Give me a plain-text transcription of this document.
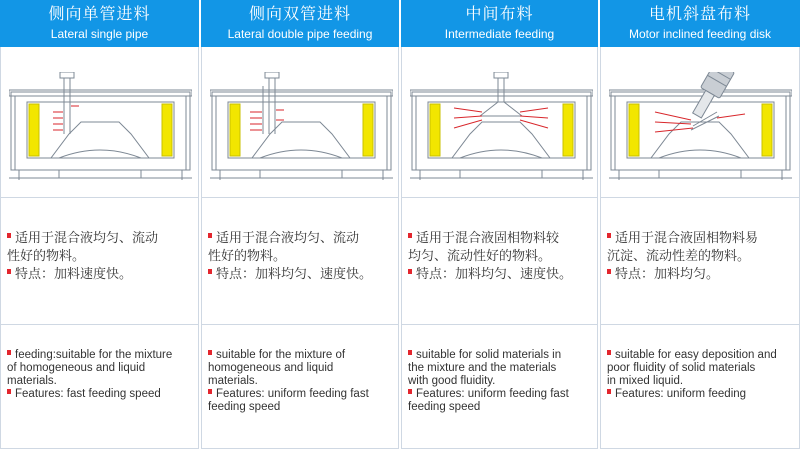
侧向单管进料
Lateral single pipe

适用于混合液均匀、流动
性好的物料。
特点：加料速度快。

feeding:suitable for the mixture
of homogeneous and liquid
materials.
Features: fast feeding speed

侧向双管进料
Lateral double pipe feeding

适用于混合液均匀、流动
性好的物料。
特点：加料均匀、速度快。

suitable for the mixture of
homogeneous and liquid
materials.
Features: uniform feeding fast
feeding speed

中间布料
Intermediate feeding

适用于混合液固相物料较
均匀、流动性好的物料。
特点：加料均匀、速度快。

suitable for solid materials in
the mixture and the materials
with good fluidity.
Features: uniform feeding fast
feeding speed

电机斜盘布料
Motor inclined feeding disk

适用于混合液固相物料易
沉淀、流动性差的物料。
特点：加料均匀。

suitable for easy deposition and
poor fluidity of solid materials
in mixed liquid.
Features: uniform feeding
